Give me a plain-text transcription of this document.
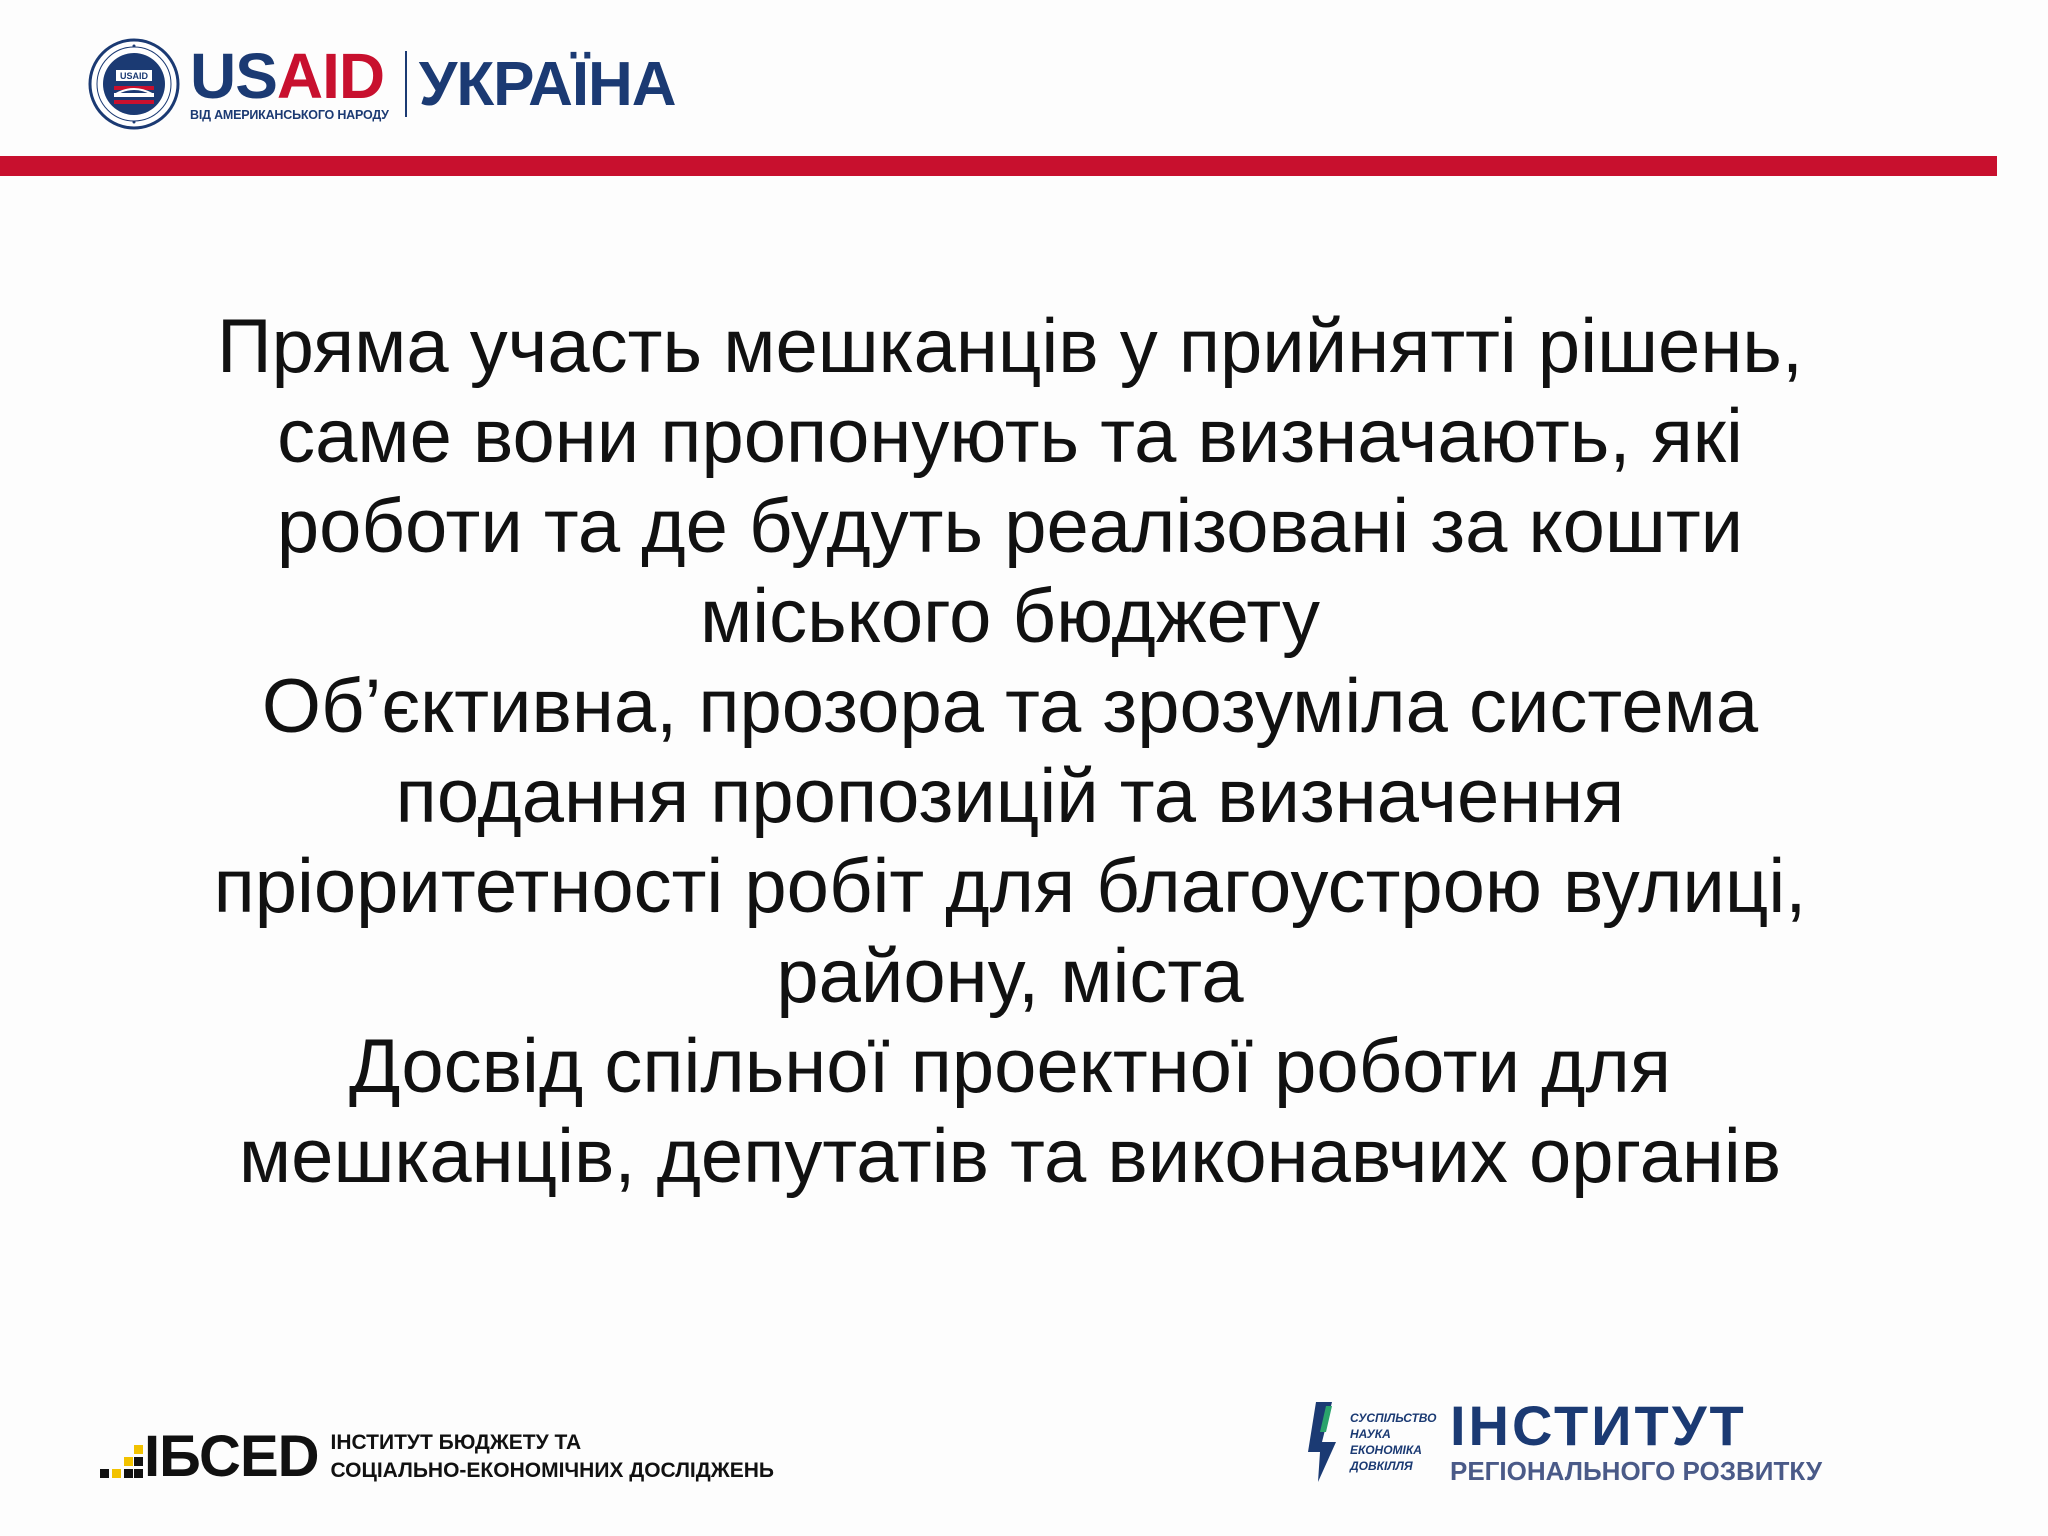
USAID USAID
ВІД АМЕРИКАНСЬКОГО НАРОДУ УКРАЇНА

Пряма участь мешканців у прийнятті рішень,
саме вони пропонують та визначають, які
роботи та де будуть реалізовані за кошти
міського бюджету

Об’єктивна, прозора та зрозуміла система
подання пропозицій та визначення
пріоритетності робіт для благоустрою вулиці,
району, міста

Досвід спільної проектної роботи для
мешканців, депутатів та виконавчих органів

ІБСED ІНСТИТУТ БЮДЖЕТУ ТА
СОЦІАЛЬНО-ЕКОНОМІЧНИХ ДОСЛІДЖЕНЬ
СУСПІЛЬСТВО
НАУКА
ЕКОНОМІКА
ДОВКІЛЛЯ
ІНСТИТУТ
РЕГІОНАЛЬНОГО РОЗВИТКУ
